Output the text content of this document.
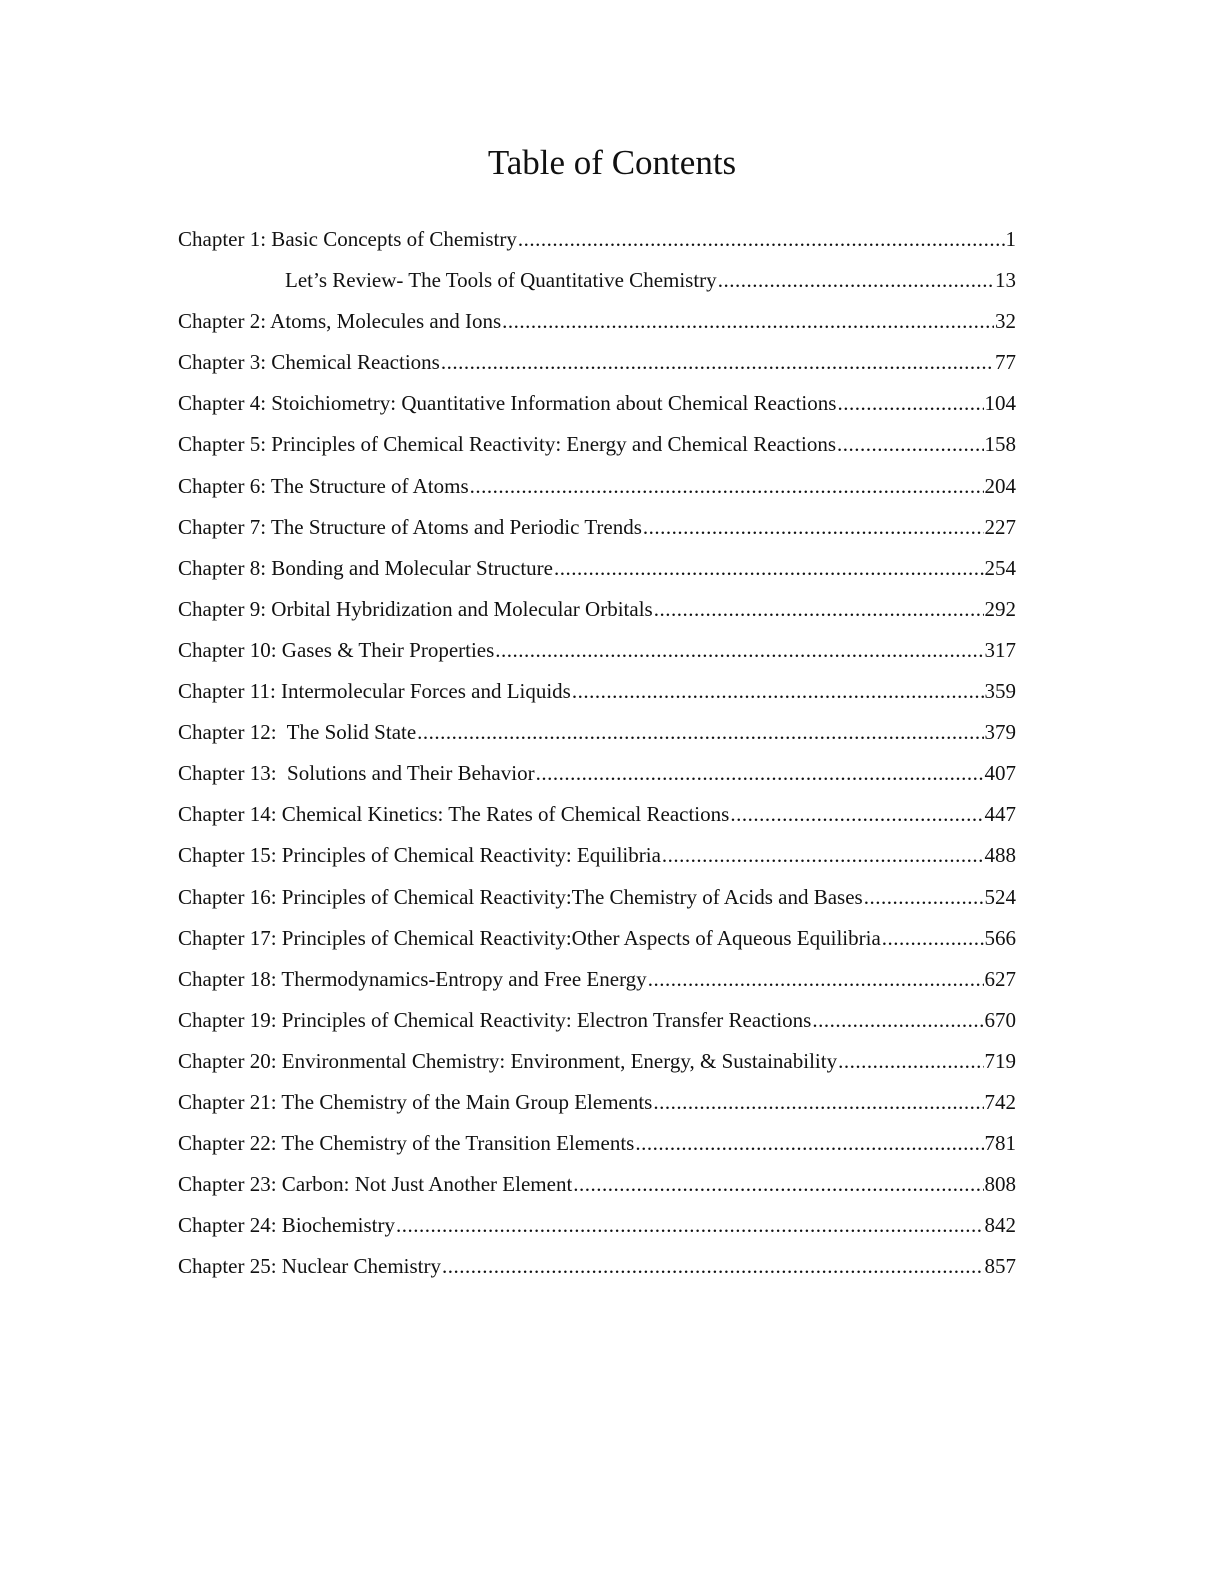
Table of Contents
Chapter 1: Basic Concepts of Chemistry .....	1
Let’s Review- The Tools of Quantitative Chemistry .....	13
Chapter 2: Atoms, Molecules and Ions .....	32
Chapter 3: Chemical Reactions .....	77
Chapter 4: Stoichiometry: Quantitative Information about Chemical Reactions .....	104
Chapter 5: Principles of Chemical Reactivity: Energy and Chemical Reactions .....	158
Chapter 6: The Structure of Atoms .....	204
Chapter 7: The Structure of Atoms and Periodic Trends .....	227
Chapter 8: Bonding and Molecular Structure .....	254
Chapter 9: Orbital Hybridization and Molecular Orbitals .....	292
Chapter 10: Gases & Their Properties .....	317
Chapter 11: Intermolecular Forces and Liquids .....	359
Chapter 12:  The Solid State .....	379
Chapter 13:  Solutions and Their Behavior .....	407
Chapter 14: Chemical Kinetics: The Rates of Chemical Reactions .....	447
Chapter 15: Principles of Chemical Reactivity: Equilibria .....	488
Chapter 16: Principles of Chemical Reactivity:The Chemistry of Acids and Bases .....	524
Chapter 17: Principles of Chemical Reactivity:Other Aspects of Aqueous Equilibria .....	566
Chapter 18: Thermodynamics-Entropy and Free Energy .....	627
Chapter 19: Principles of Chemical Reactivity: Electron Transfer Reactions .....	670
Chapter 20: Environmental Chemistry: Environment, Energy, & Sustainability .....	719
Chapter 21: The Chemistry of the Main Group Elements .....	742
Chapter 22: The Chemistry of the Transition Elements .....	781
Chapter 23: Carbon: Not Just Another Element .....	808
Chapter 24: Biochemistry .....	842
Chapter 25: Nuclear Chemistry .....	857
